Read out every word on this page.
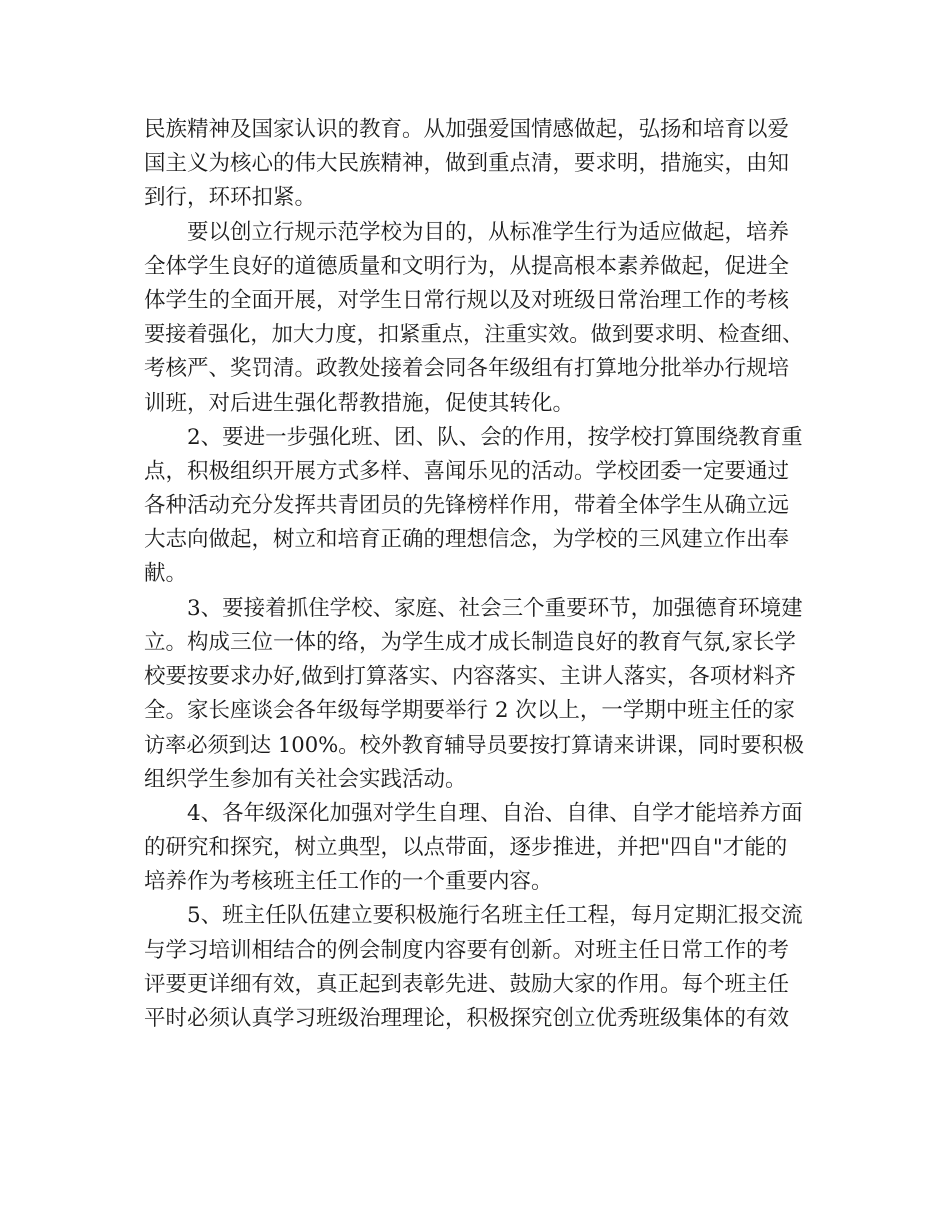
民族精神及国家认识的教育。从加强爱国情感做起，弘扬和培育以爱
国主义为核心的伟大民族精神，做到重点清，要求明，措施实，由知
到行，环环扣紧。
要以创立行规示范学校为目的，从标准学生行为适应做起，培养
全体学生良好的道德质量和文明行为，从提高根本素养做起，促进全
体学生的全面开展，对学生日常行规以及对班级日常治理工作的考核
要接着强化，加大力度，扣紧重点，注重实效。做到要求明、检查细、
考核严、奖罚清。政教处接着会同各年级组有打算地分批举办行规培
训班，对后进生强化帮教措施，促使其转化。
2、要进一步强化班、团、队、会的作用，按学校打算围绕教育重
点，积极组织开展方式多样、喜闻乐见的活动。学校团委一定要通过
各种活动充分发挥共青团员的先锋榜样作用，带着全体学生从确立远
大志向做起，树立和培育正确的理想信念，为学校的三风建立作出奉
献。
3、要接着抓住学校、家庭、社会三个重要环节，加强德育环境建
立。构成三位一体的络，为学生成才成长制造良好的教育气氛,家长学
校要按要求办好,做到打算落实、内容落实、主讲人落实，各项材料齐
全。家长座谈会各年级每学期要举行 2 次以上，一学期中班主任的家
访率必须到达 100%。校外教育辅导员要按打算请来讲课，同时要积极
组织学生参加有关社会实践活动。
4、各年级深化加强对学生自理、自治、自律、自学才能培养方面
的研究和探究，树立典型，以点带面，逐步推进，并把"四自"才能的
培养作为考核班主任工作的一个重要内容。
5、班主任队伍建立要积极施行名班主任工程，每月定期汇报交流
与学习培训相结合的例会制度内容要有创新。对班主任日常工作的考
评要更详细有效，真正起到表彰先进、鼓励大家的作用。每个班主任
平时必须认真学习班级治理理论，积极探究创立优秀班级集体的有效
